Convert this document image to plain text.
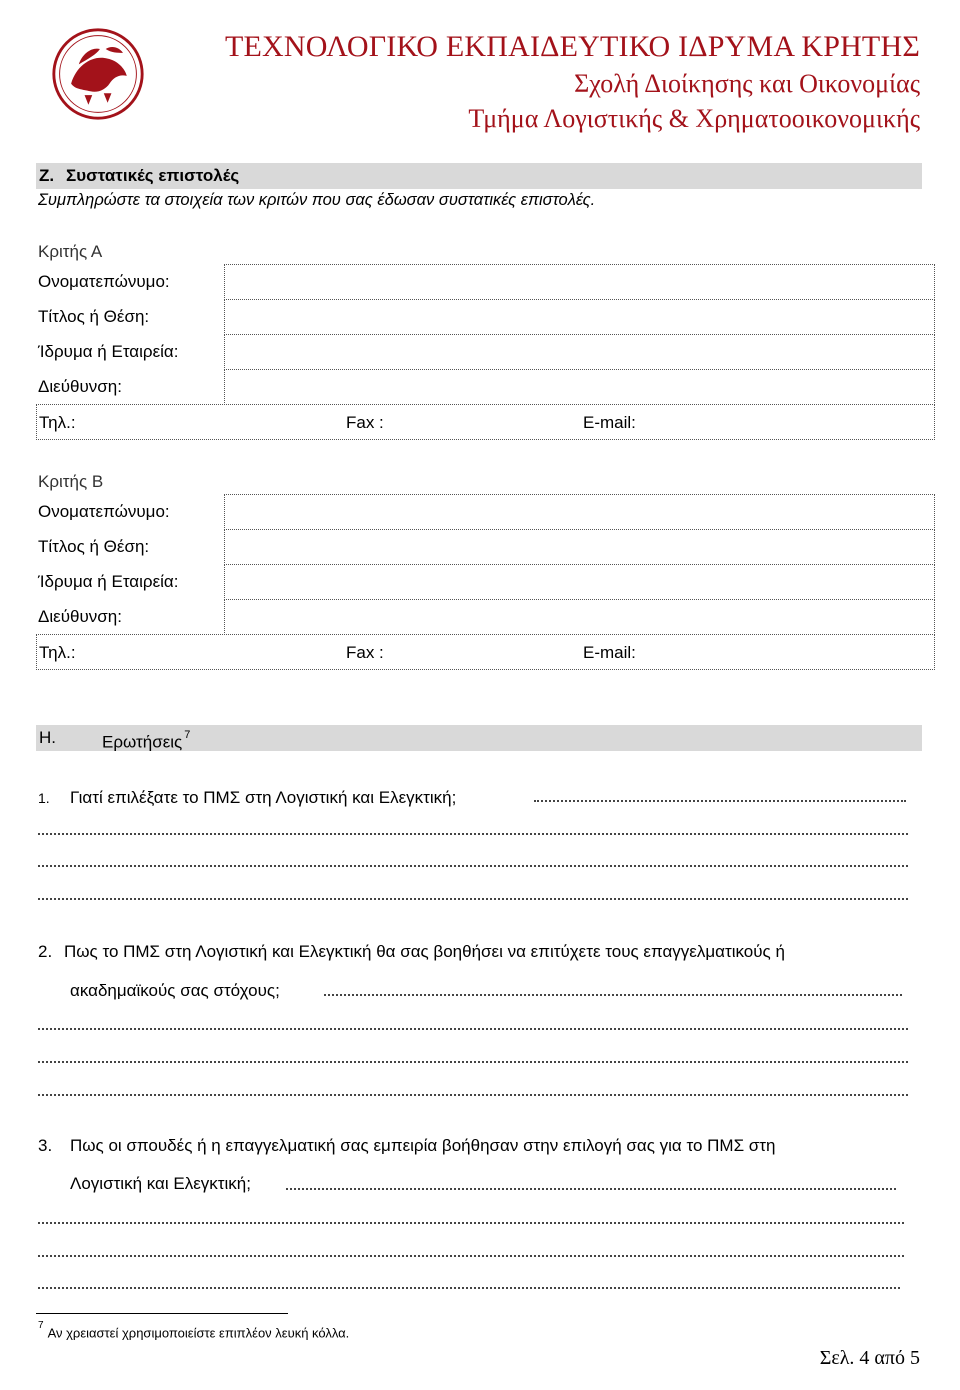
ΤΕΧΝΟΛΟΓΙΚΟ ΕΚΠΑΙΔΕΥΤΙΚΟ ΙΔΡΥΜΑ ΚΡΗΤΗΣ
Σχολή Διοίκησης και Οικονομίας
Τμήμα Λογιστικής & Χρηματοοικονομικής
Ζ. Συστατικές επιστολές
Συμπληρώστε τα στοιχεία των κριτών που σας έδωσαν συστατικές επιστολές.
Κριτής Α
Ονοματεπώνυμο:
Τίτλος ή Θέση:
Ίδρυμα ή Εταιρεία:
Διεύθυνση:
Τηλ.:	Fax :	E-mail:
Κριτής Β
Ονοματεπώνυμο:
Τίτλος ή Θέση:
Ίδρυμα ή Εταιρεία:
Διεύθυνση:
Τηλ.:	Fax :	E-mail:
Η.	Ερωτήσεις $^7$
1. Γιατί επιλέξατε το ΠΜΣ στη Λογιστική και Ελεγκτική;
2. Πως το ΠΜΣ στη Λογιστική και Ελεγκτική θα σας βοηθήσει να επιτύχετε τους επαγγελματικούς ή
ακαδημαϊκούς σας στόχους;
3. Πως οι σπουδές ή η επαγγελματική σας εμπειρία βοήθησαν στην επιλογή σας για το ΠΜΣ στη
Λογιστική και Ελεγκτική;
$^7$ Αν χρειαστεί χρησιμοποιείστε επιπλέον λευκή κόλλα.
Σελ. 4 από 5
